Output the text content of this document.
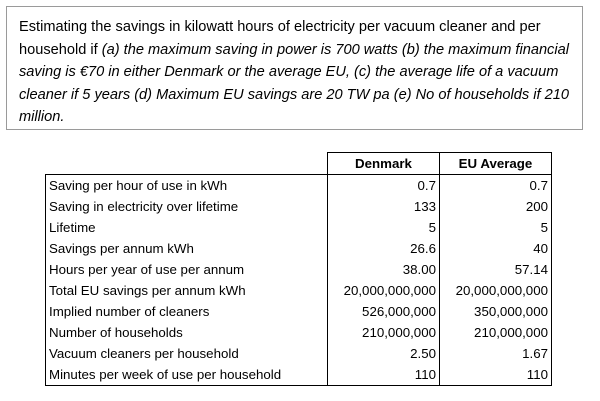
Estimating the savings in kilowatt hours of electricity per vacuum cleaner and per household if (a) the maximum saving in power is 700 watts (b) the maximum financial saving is €70 in either Denmark or the average EU, (c) the average life of a vacuum cleaner if 5 years (d) Maximum EU savings are 20 TW pa (e) No of households if 210 million.

	Denmark	EU Average
Saving per hour of use in kWh	0.7	0.7
Saving in electricity over lifetime	133	200
Lifetime	5	5
Savings per annum kWh	26.6	40
Hours per year of use per annum	38.00	57.14
Total EU savings per annum kWh	20,000,000,000	20,000,000,000
Implied number of cleaners	526,000,000	350,000,000
Number of households	210,000,000	210,000,000
Vacuum cleaners per household	2.50	1.67
Minutes per week of use per household	110	110
